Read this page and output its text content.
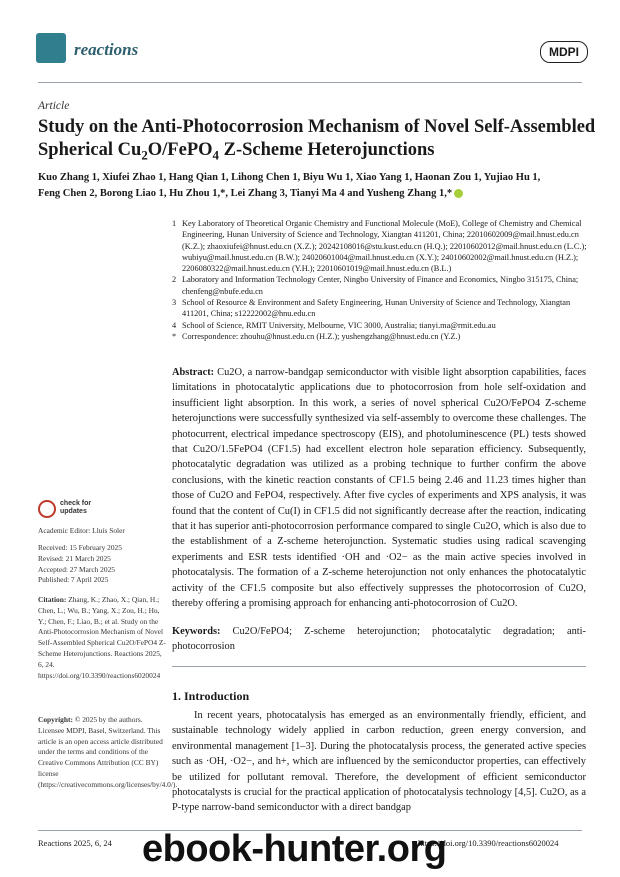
reactions	MDPI
Article
Study on the Anti-Photocorrosion Mechanism of Novel Self-Assembled Spherical $Cu_2O/FePO_4$ Z-Scheme Heterojunctions
Kuo Zhang 1, Xiufei Zhao 1, Hang Qian 1, Lihong Chen 1, Biyu Wu 1, Xiao Yang 1, Haonan Zou 1, Yujiao Hu 1,
Feng Chen 2, Borong Liao 1, Hu Zhou 1,*, Lei Zhang 3, Tianyi Ma 4 and Yusheng Zhang 1,*
1 Key Laboratory of Theoretical Organic Chemistry and Functional Molecule (MoE), College of Chemistry and Chemical Engineering, Hunan University of Science and Technology, Xiangtan 411201, China; 22010602009@mail.hnust.edu.cn (K.Z.); zhaoxiufei@hnust.edu.cn (X.Z.); 20242108016@stu.kust.edu.cn (H.Q.); 22010602012@mail.hnust.edu.cn (L.C.); wubiyu@mail.hnust.edu.cn (B.W.); 24020601004@mail.hnust.edu.cn (X.Y.); 24010602002@mail.hnust.edu.cn (H.Z.); 2206080322@mail.hnust.edu.cn (Y.H.); 22010601019@mail.hnust.edu.cn (B.L.)
2 Laboratory and Information Technology Center, Ningbo University of Finance and Economics, Ningbo 315175, China; chenfeng@nbufe.edu.cn
3 School of Resource & Environment and Safety Engineering, Hunan University of Science and Technology, Xiangtan 411201, China; s12222002@hnu.edu.cn
4 School of Science, RMIT University, Melbourne, VIC 3000, Australia; tianyi.ma@rmit.edu.au
* Correspondence: zhouhu@hnust.edu.cn (H.Z.); yushengzhang@hnust.edu.cn (Y.Z.)
Abstract: Cu2O, a narrow-bandgap semiconductor with visible light absorption capabilities, faces limitations in photocatalytic applications due to photocorrosion from hole self-oxidation and insufficient light absorption. In this work, a series of novel spherical Cu2O/FePO4 Z-scheme heterojunctions were successfully synthesized via self-assembly to overcome these challenges. The photocurrent, electrical impedance spectroscopy (EIS), and photoluminescence (PL) tests showed that Cu2O/1.5FePO4 (CF1.5) had excellent electron hole separation efficiency. Subsequently, photocatalytic degradation was utilized as a probing technique to further confirm the above conclusions, with the kinetic reaction constants of CF1.5 being 2.46 and 11.23 times higher than those of Cu2O and FePO4, respectively. After five cycles of experiments and XPS analysis, it was found that the content of Cu(I) in CF1.5 did not significantly decrease after the reaction, indicating that it has superior anti-photocorrosion performance compared to single Cu2O, which is also due to the establishment of a Z-scheme heterojunction. Systematic studies using radical scavenging experiments and ESR tests identified ·OH and ·O2− as the main active species involved in photocatalysis. The formation of a Z-scheme heterojunction not only enhances the photocatalytic activity of the CF1.5 composite but also effectively suppresses the photocorrosion of Cu2O, thereby offering a promising approach for enhancing anti-photocorrosion of Cu2O.
Keywords: Cu2O/FePO4; Z-scheme heterojunction; photocatalytic degradation; anti-photocorrosion
check for
updates
Academic Editor: Lluís Soler
Received: 15 February 2025
Revised: 21 March 2025
Accepted: 27 March 2025
Published: 7 April 2025
Citation: Zhang, K.; Zhao, X.; Qian, H.; Chen, L.; Wu, B.; Yang, X.; Zou, H.; Hu, Y.; Chen, F.; Liao, B.; et al. Study on the Anti-Photocorrosion Mechanism of Novel Self-Assembled Spherical Cu2O/FePO4 Z-Scheme Heterojunctions. Reactions 2025, 6, 24. https://doi.org/10.3390/reactions6020024
Copyright: © 2025 by the authors. Licensee MDPI, Basel, Switzerland. This article is an open access article distributed under the terms and conditions of the Creative Commons Attribution (CC BY) license (https://creativecommons.org/licenses/by/4.0/).
1. Introduction
In recent years, photocatalysis has emerged as an environmentally friendly, efficient, and sustainable technology widely applied in carbon reduction, green energy conversion, and environmental management [1–3]. During the photocatalysis process, the generated active species such as ·OH, ·O2−, and h+, which are influenced by the semiconductor properties, can effectively be utilized for pollutant removal. Therefore, the development of efficient semiconductor photocatalysts is crucial for the practical application of photocatalysis technology [4,5]. Cu2O, as a P-type narrow-band semiconductor with a direct bandgap
Reactions 2025, 6, 24	https://doi.org/10.3390/reactions6020024
ebook-hunter.org
